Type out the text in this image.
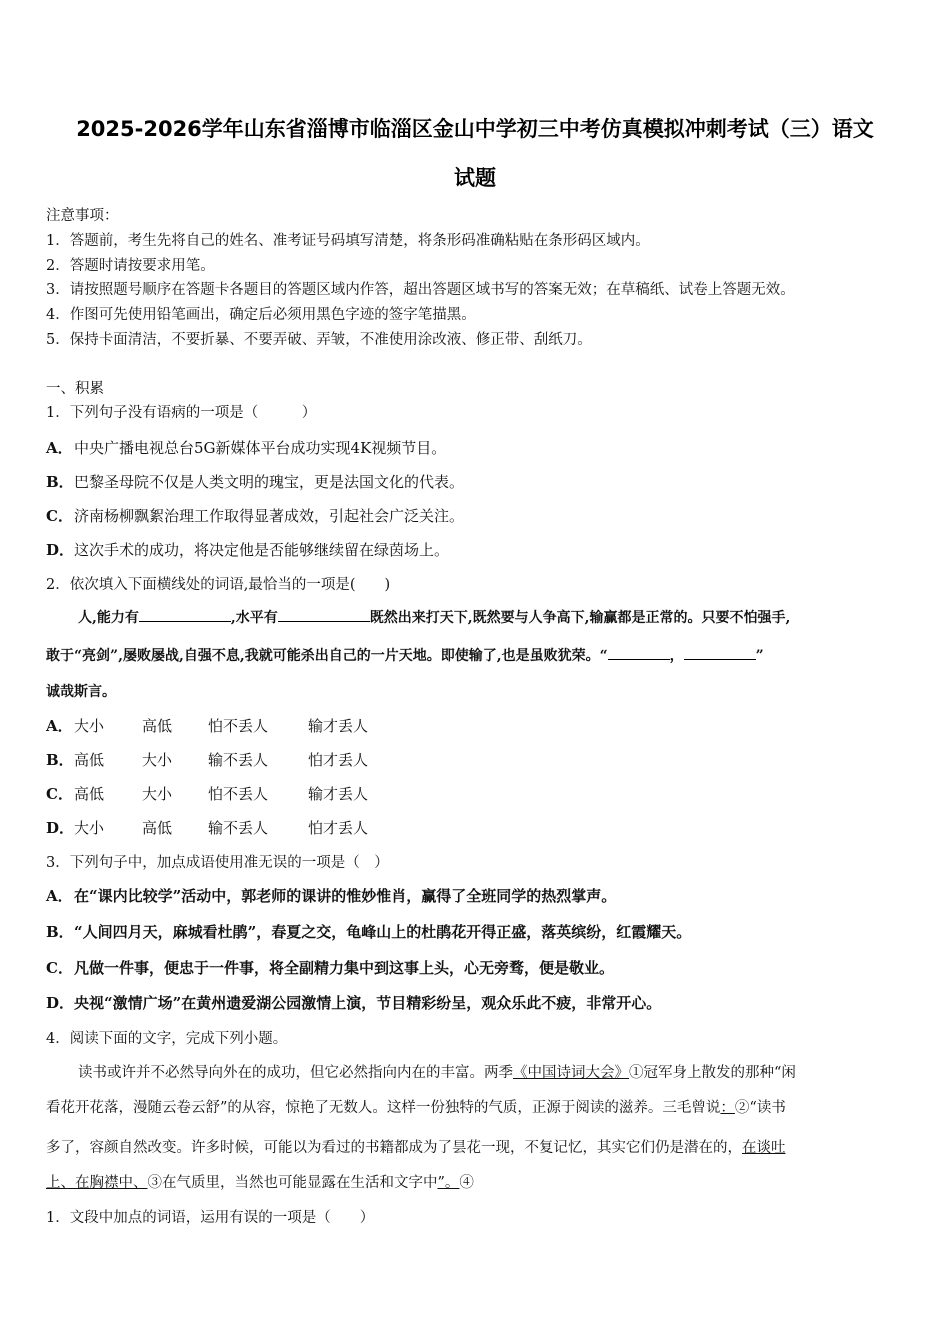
2025-2026学年山东省淄博市临淄区金山中学初三中考仿真模拟冲刺考试（三）语文
试题
注意事项：
1．答题前，考生先将自己的姓名、准考证号码填写清楚，将条形码准确粘贴在条形码区域内。
2．答题时请按要求用笔。
3．请按照题号顺序在答题卡各题目的答题区域内作答，超出答题区域书写的答案无效；在草稿纸、试卷上答题无效。
4．作图可先使用铅笔画出，确定后必须用黑色字迹的签字笔描黑。
5．保持卡面清洁，不要折暴、不要弄破、弄皱，不准使用涂改液、修正带、刮纸刀。
一、积累
1．下列句子没有语病的一项是（　　　）
A．中央广播电视总台5G新媒体平台成功实现4K视频节目。
B．巴黎圣母院不仅是人类文明的瑰宝，更是法国文化的代表。
C．济南杨柳飘絮治理工作取得显著成效，引起社会广泛关注。
D．这次手术的成功，将决定他是否能够继续留在绿茵场上。
2．依次填入下面横线处的词语,最恰当的一项是(　　)
人,能力有	,水平有	既然出来打天下,既然要与人争高下,输赢都是正常的。只要不怕强手,
敢于“亮剑”,屡败屡战,自强不息,我就可能杀出自己的一片天地。即使输了,也是虽败犹荣。“	，	”
诚哉斯言。
A．大小	高低 怕不丢人	输才丢人
B．高低	大小 输不丢人	怕才丢人
C．高低	大小 怕不丢人	输才丢人
D．大小	高低 输不丢人	怕才丢人
3．下列句子中，加点成语使用准无误的一项是（　）
A．在“课内比较学”活动中，郭老师的课讲的惟妙惟肖，赢得了全班同学的热烈掌声。
B．“人间四月天，麻城看杜鹃”，春夏之交，龟峰山上的杜鹃花开得正盛，落英缤纷，红霞耀天。
C．凡做一件事，便忠于一件事，将全副精力集中到这事上头，心无旁骛，便是敬业。
D．央视“激情广场”在黄州遗爱湖公园激情上演，节目精彩纷呈，观众乐此不疲，非常开心。
4．阅读下面的文字，完成下列小题。
读书或许并不必然导向外在的成功，但它必然指向内在的丰富。两季《中国诗词大会》①冠军身上散发的那种“闲
看花开花落，漫随云卷云舒”的从容，惊艳了无数人。这样一份独特的气质，正源于阅读的滋养。三毛曾说：②“读书
多了，容颜自然改变。许多时候，可能以为看过的书籍都成为了昙花一现，不复记忆，其实它们仍是潜在的，在谈吐
上、在胸襟中、③在气质里，当然也可能显露在生活和文字中”。④
1．文段中加点的词语，运用有误的一项是（　　）
